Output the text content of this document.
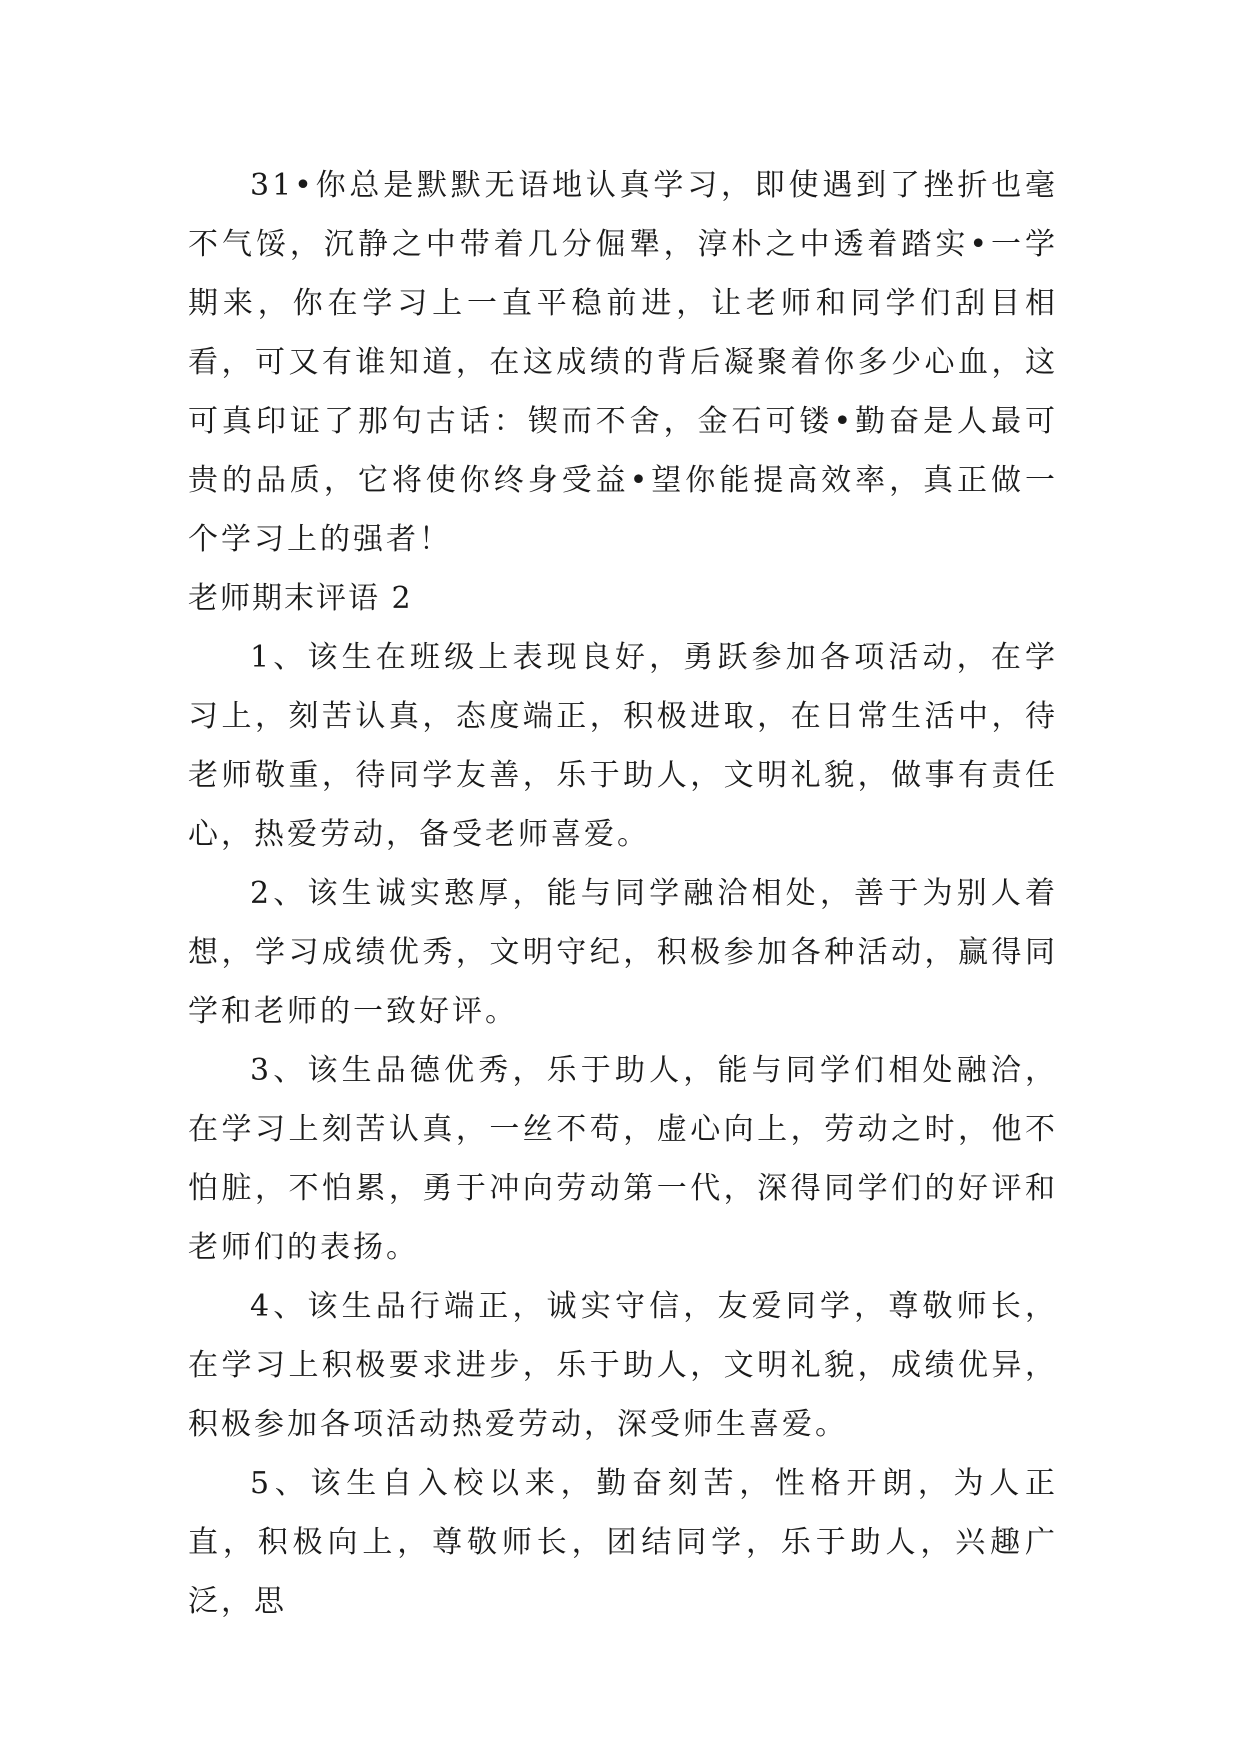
31•你总是默默无语地认真学习，即使遇到了挫折也毫不气馁，沉静之中带着几分倔犟，淳朴之中透着踏实•一学期来，你在学习上一直平稳前进，让老师和同学们刮目相看，可又有谁知道，在这成绩的背后凝聚着你多少心血，这可真印证了那句古话：锲而不舍，金石可镂•勤奋是人最可贵的品质，它将使你终身受益•望你能提高效率，真正做一个学习上的强者！

老师期末评语 2

1、该生在班级上表现良好，勇跃参加各项活动，在学习上，刻苦认真，态度端正，积极进取，在日常生活中，待老师敬重，待同学友善，乐于助人，文明礼貌，做事有责任心，热爱劳动，备受老师喜爱。

2、该生诚实憨厚，能与同学融洽相处，善于为别人着想，学习成绩优秀，文明守纪，积极参加各种活动，赢得同学和老师的一致好评。

3、该生品德优秀，乐于助人，能与同学们相处融洽，在学习上刻苦认真，一丝不苟，虚心向上，劳动之时，他不怕脏，不怕累，勇于冲向劳动第一代，深得同学们的好评和老师们的表扬。

4、该生品行端正，诚实守信，友爱同学，尊敬师长，在学习上积极要求进步，乐于助人，文明礼貌，成绩优异，积极参加各项活动热爱劳动，深受师生喜爱。

5、该生自入校以来，勤奋刻苦，性格开朗，为人正直，积极向上，尊敬师长，团结同学，乐于助人，兴趣广泛，思
